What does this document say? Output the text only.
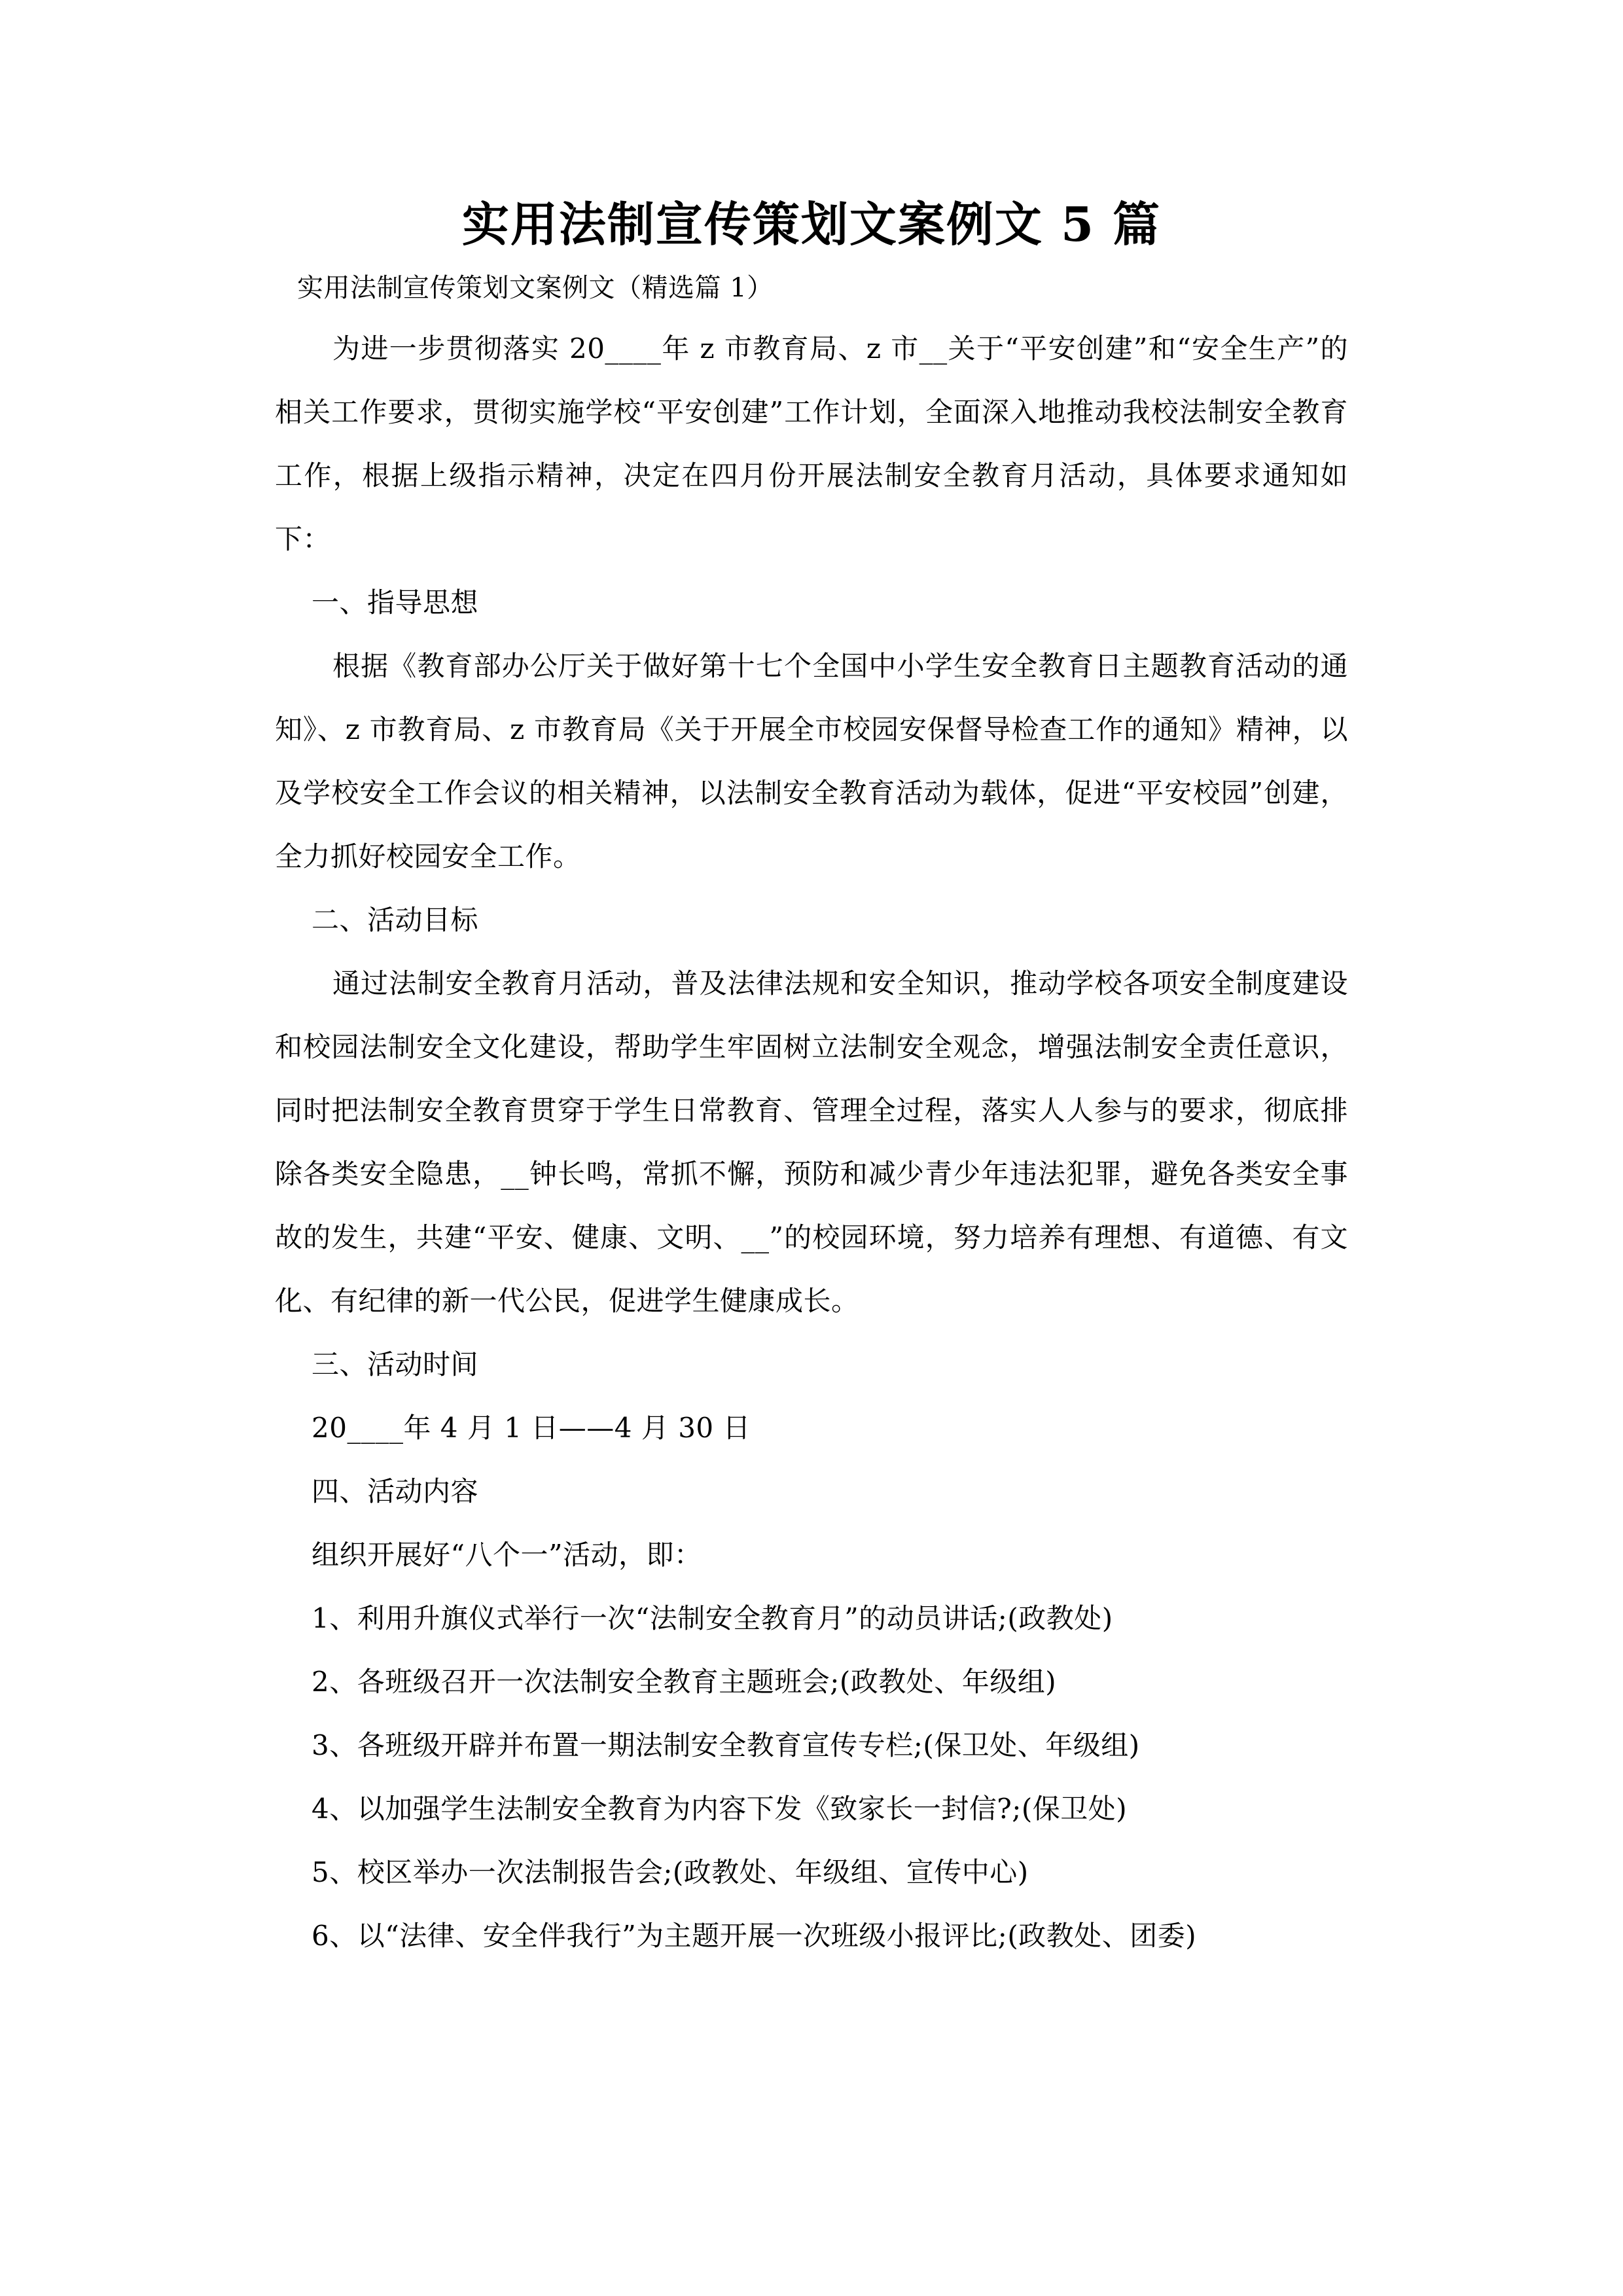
实用法制宣传策划文案例文 5 篇

实用法制宣传策划文案例文（精选篇 1）

为进一步贯彻落实 20____年 z 市教育局、z 市__关于“平安创建”和“安全生产”的相关工作要求，贯彻实施学校“平安创建”工作计划，全面深入地推动我校法制安全教育工作，根据上级指示精神，决定在四月份开展法制安全教育月活动，具体要求通知如下：

一、指导思想

根据《教育部办公厅关于做好第十七个全国中小学生安全教育日主题教育活动的通知》、z 市教育局、z 市教育局《关于开展全市校园安保督导检查工作的通知》精神，以及学校安全工作会议的相关精神，以法制安全教育活动为载体，促进“平安校园”创建，全力抓好校园安全工作。

二、活动目标

通过法制安全教育月活动，普及法律法规和安全知识，推动学校各项安全制度建设和校园法制安全文化建设，帮助学生牢固树立法制安全观念，增强法制安全责任意识，同时把法制安全教育贯穿于学生日常教育、管理全过程，落实人人参与的要求，彻底排除各类安全隐患，__钟长鸣，常抓不懈，预防和减少青少年违法犯罪，避免各类安全事故的发生，共建“平安、健康、文明、__”的校园环境，努力培养有理想、有道德、有文化、有纪律的新一代公民，促进学生健康成长。

三、活动时间

20____年 4 月 1 日——4 月 30 日

四、活动内容

组织开展好“八个一”活动，即：

1、利用升旗仪式举行一次“法制安全教育月”的动员讲话;(政教处)
2、各班级召开一次法制安全教育主题班会;(政教处、年级组)
3、各班级开辟并布置一期法制安全教育宣传专栏;(保卫处、年级组)
4、以加强学生法制安全教育为内容下发《致家长一封信?;(保卫处)
5、校区举办一次法制报告会;(政教处、年级组、宣传中心)
6、以“法律、安全伴我行”为主题开展一次班级小报评比;(政教处、团委)
